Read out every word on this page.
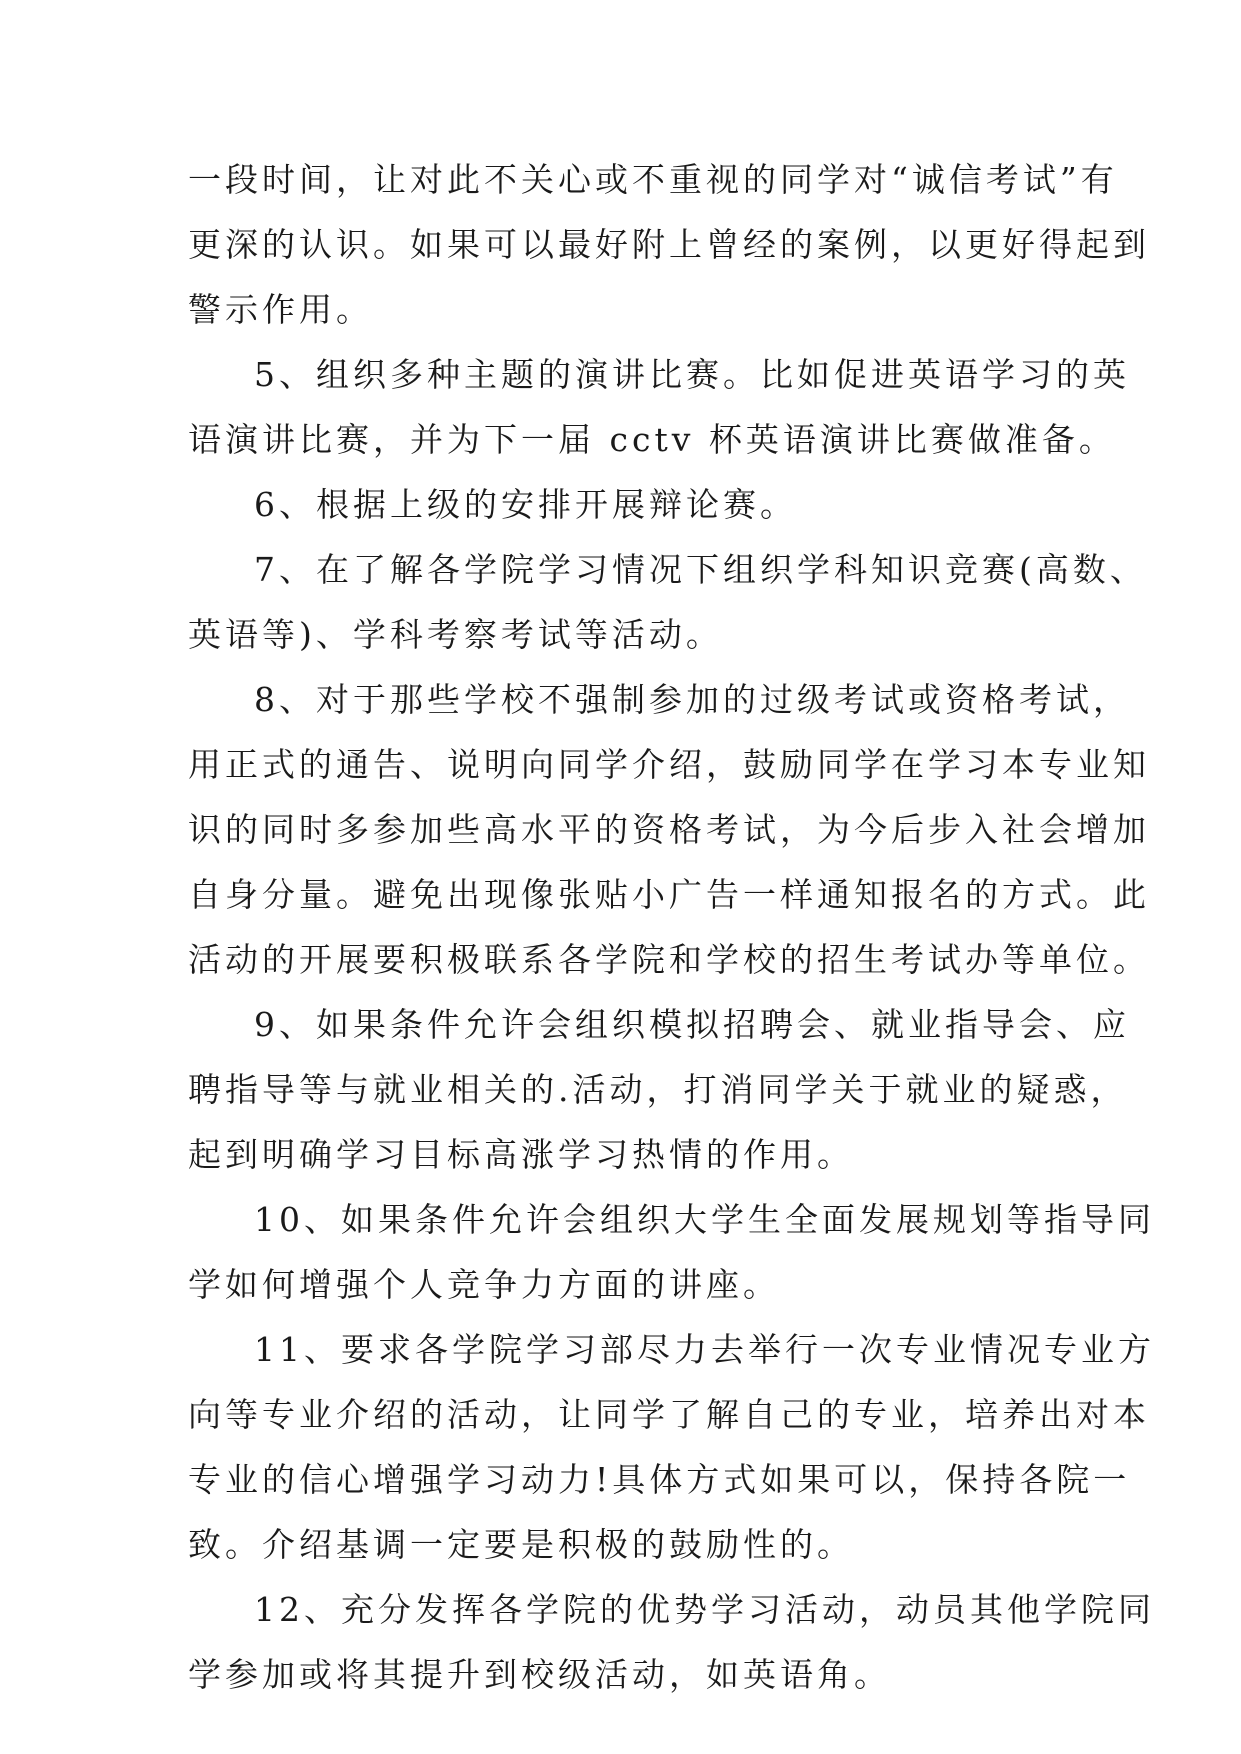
一段时间，让对此不关心或不重视的同学对“诚信考试”有
更深的认识。如果可以最好附上曾经的案例，以更好得起到
警示作用。
5、组织多种主题的演讲比赛。比如促进英语学习的英
语演讲比赛，并为下一届 cctv 杯英语演讲比赛做准备。
6、根据上级的安排开展辩论赛。
7、在了解各学院学习情况下组织学科知识竞赛(高数、
英语等)、学科考察考试等活动。
8、对于那些学校不强制参加的过级考试或资格考试，
用正式的通告、说明向同学介绍，鼓励同学在学习本专业知
识的同时多参加些高水平的资格考试，为今后步入社会增加
自身分量。避免出现像张贴小广告一样通知报名的方式。此
活动的开展要积极联系各学院和学校的招生考试办等单位。
9、如果条件允许会组织模拟招聘会、就业指导会、应
聘指导等与就业相关的.活动，打消同学关于就业的疑惑，
起到明确学习目标高涨学习热情的作用。
10、如果条件允许会组织大学生全面发展规划等指导同
学如何增强个人竞争力方面的讲座。
11、要求各学院学习部尽力去举行一次专业情况专业方
向等专业介绍的活动，让同学了解自己的专业，培养出对本
专业的信心增强学习动力!具体方式如果可以，保持各院一
致。介绍基调一定要是积极的鼓励性的。
12、充分发挥各学院的优势学习活动，动员其他学院同
学参加或将其提升到校级活动，如英语角。
